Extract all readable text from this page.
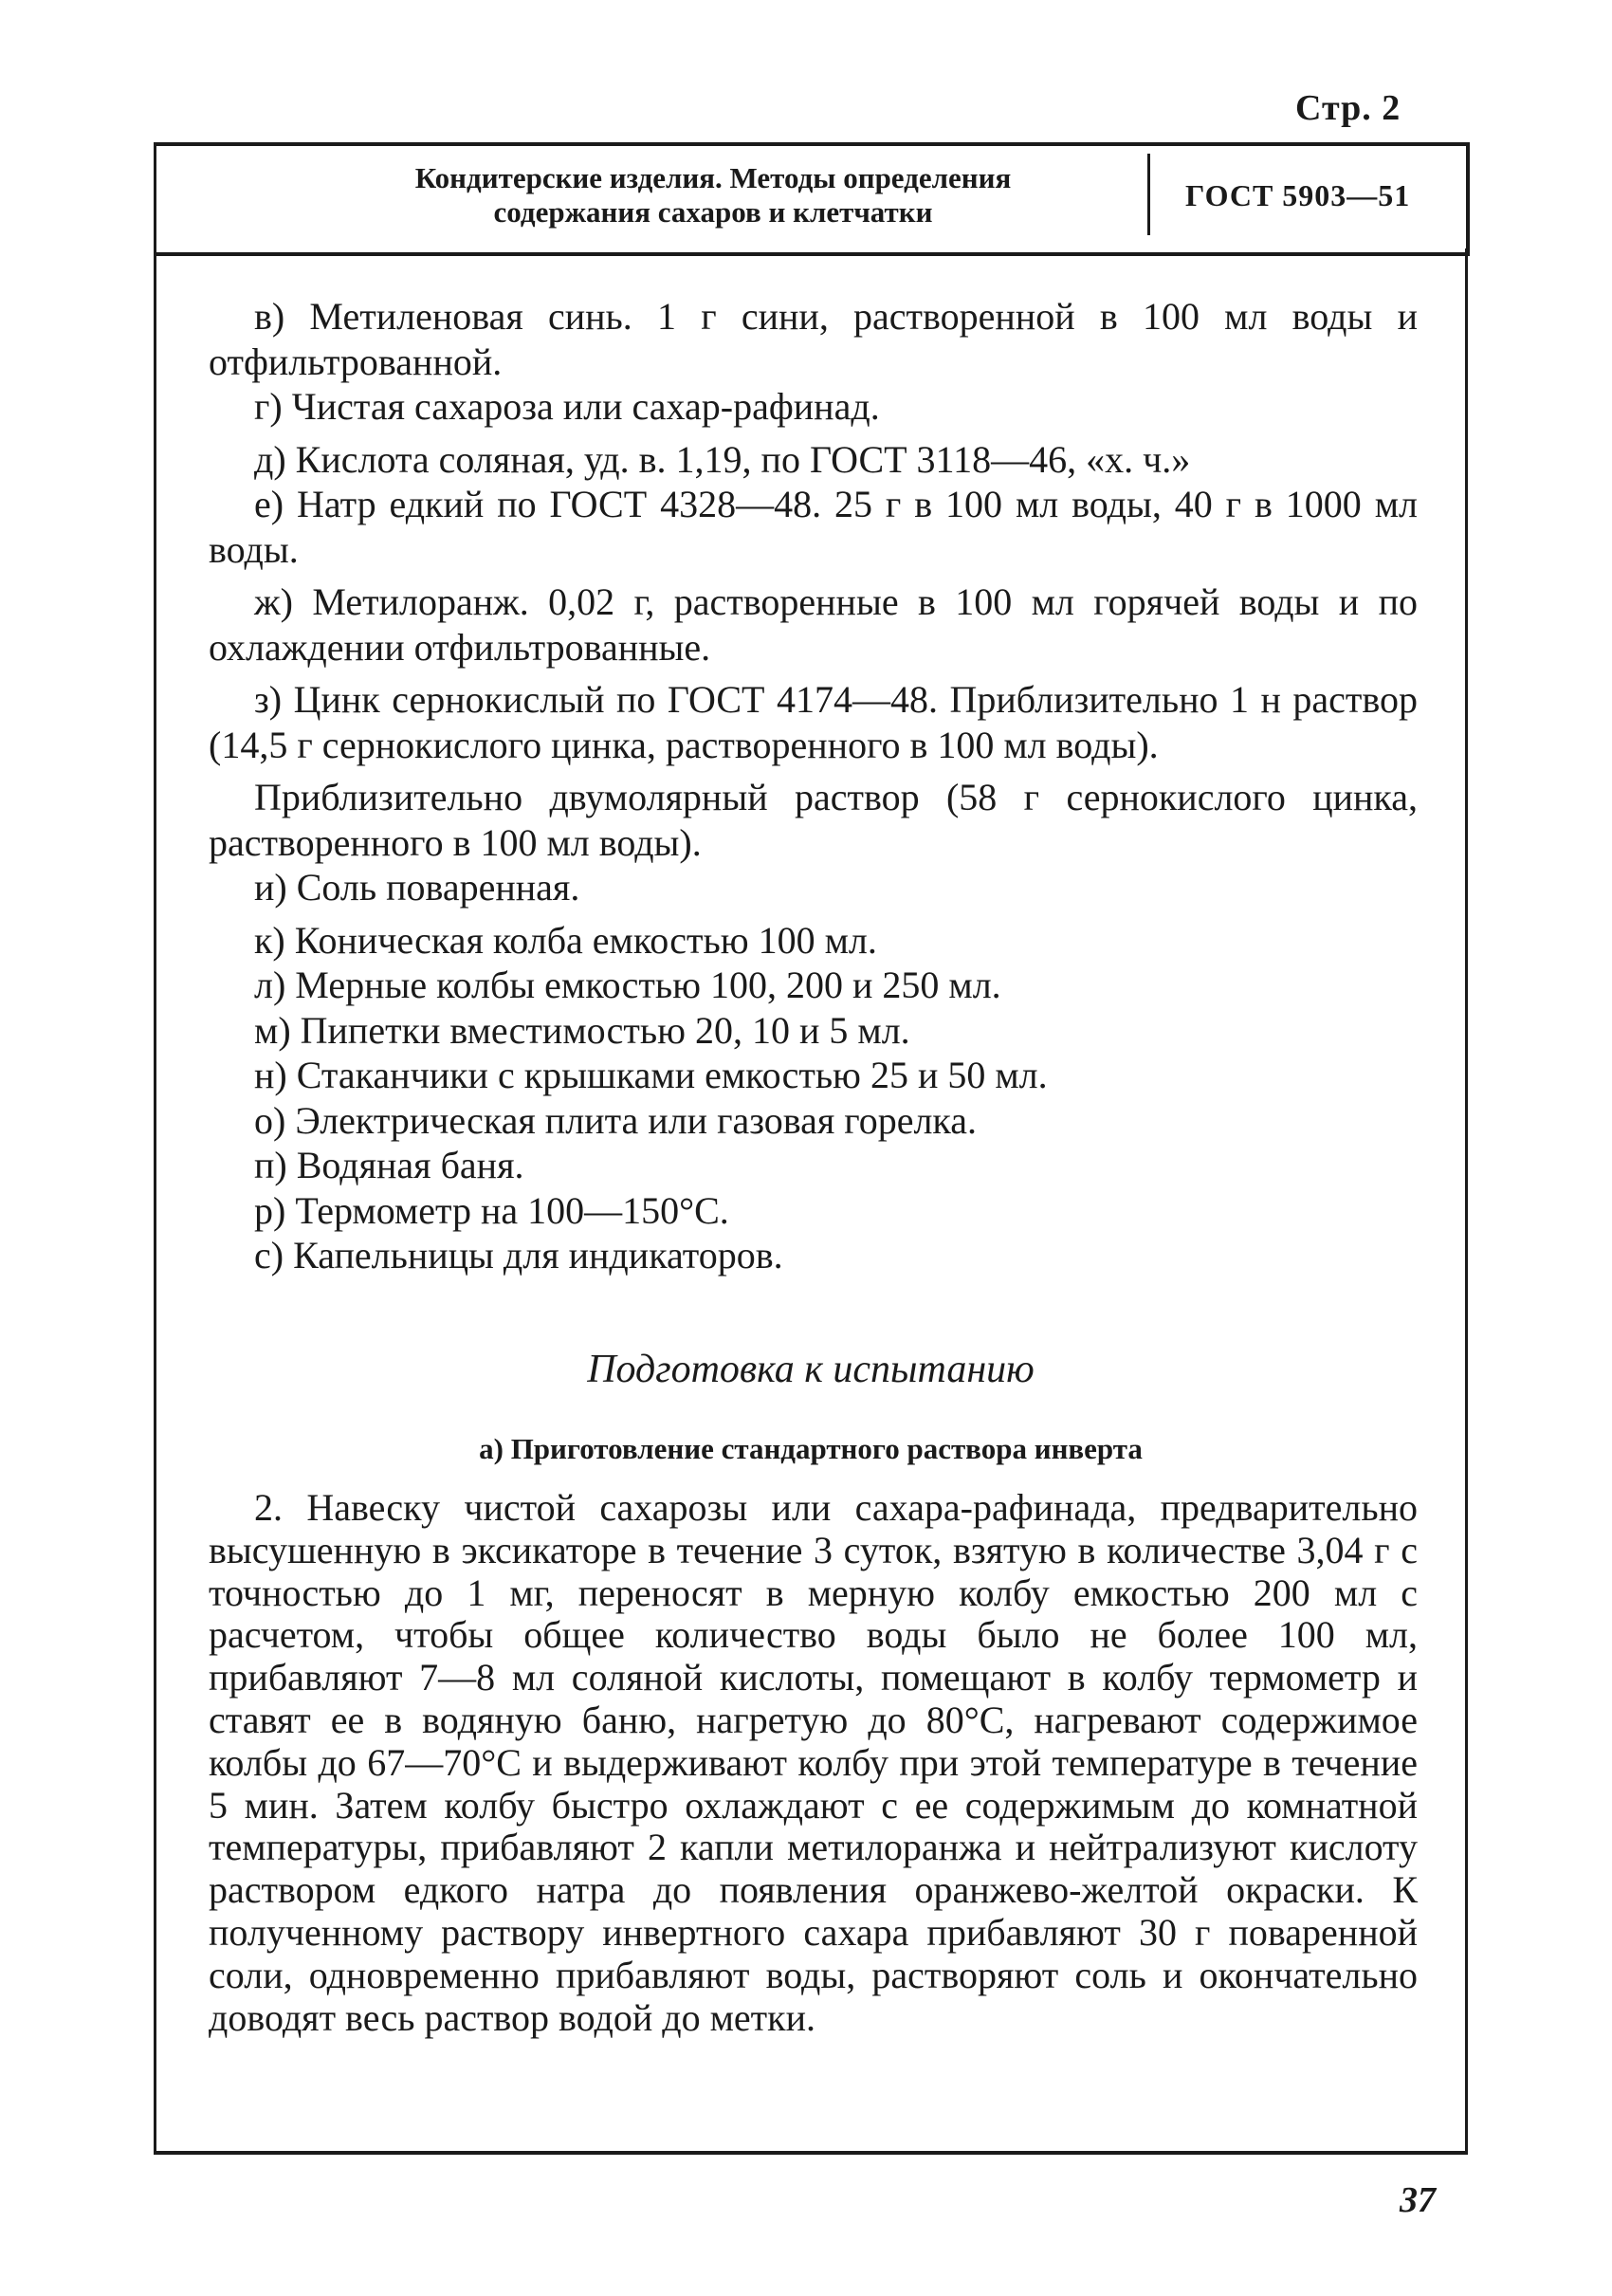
Стр. 2
Кондитерские изделия. Методы определения
содержания сахаров и клетчатки	ГОСТ 5903—51

в) Метиленовая синь. 1 г сини, растворенной в 100 мл воды и отфильтрованной.

г) Чистая сахароза или сахар-рафинад.

д) Кислота соляная, уд. в. 1,19, по ГОСТ 3118—46, «х. ч.»

е) Натр едкий по ГОСТ 4328—48. 25 г в 100 мл воды, 40 г в 1000 мл воды.

ж) Метилоранж. 0,02 г, растворенные в 100 мл горячей воды и по охлаждении отфильтрованные.

з) Цинк сернокислый по ГОСТ 4174—48. Приблизительно 1 н раствор (14,5 г сернокислого цинка, растворенного в 100 мл воды).

Приблизительно двумолярный раствор (58 г сернокислого цинка, растворенного в 100 мл воды).

и) Соль поваренная.

к) Коническая колба емкостью 100 мл.

л) Мерные колбы емкостью 100, 200 и 250 мл.

м) Пипетки вместимостью 20, 10 и 5 мл.

н) Стаканчики с крышками емкостью 25 и 50 мл.

о) Электрическая плита или газовая горелка.

п) Водяная баня.

р) Термометр на 100—150°С.

с) Капельницы для индикаторов.

Подготовка к испытанию
а) Приготовление стандартного раствора инверта

2. Навеску чистой сахарозы или сахара-рафинада, предварительно высушенную в эксикаторе в течение 3 суток, взятую в количестве 3,04 г с точностью до 1 мг, переносят в мерную колбу емкостью 200 мл с расчетом, чтобы общее количество воды было не более 100 мл, прибавляют 7—8 мл соляной кислоты, помещают в колбу термометр и ставят ее в водяную баню, нагретую до 80°С, нагревают содержимое колбы до 67—70°С и выдерживают колбу при этой температуре в течение 5 мин. Затем колбу быстро охлаждают с ее содержимым до комнатной температуры, прибавляют 2 капли метилоранжа и нейтрализуют кислоту раствором едкого натра до появления оранжево-желтой окраски. К полученному раствору инвертного сахара прибавляют 30 г поваренной соли, одновременно прибавляют воды, растворяют соль и окончательно доводят весь раствор водой до метки.

37
